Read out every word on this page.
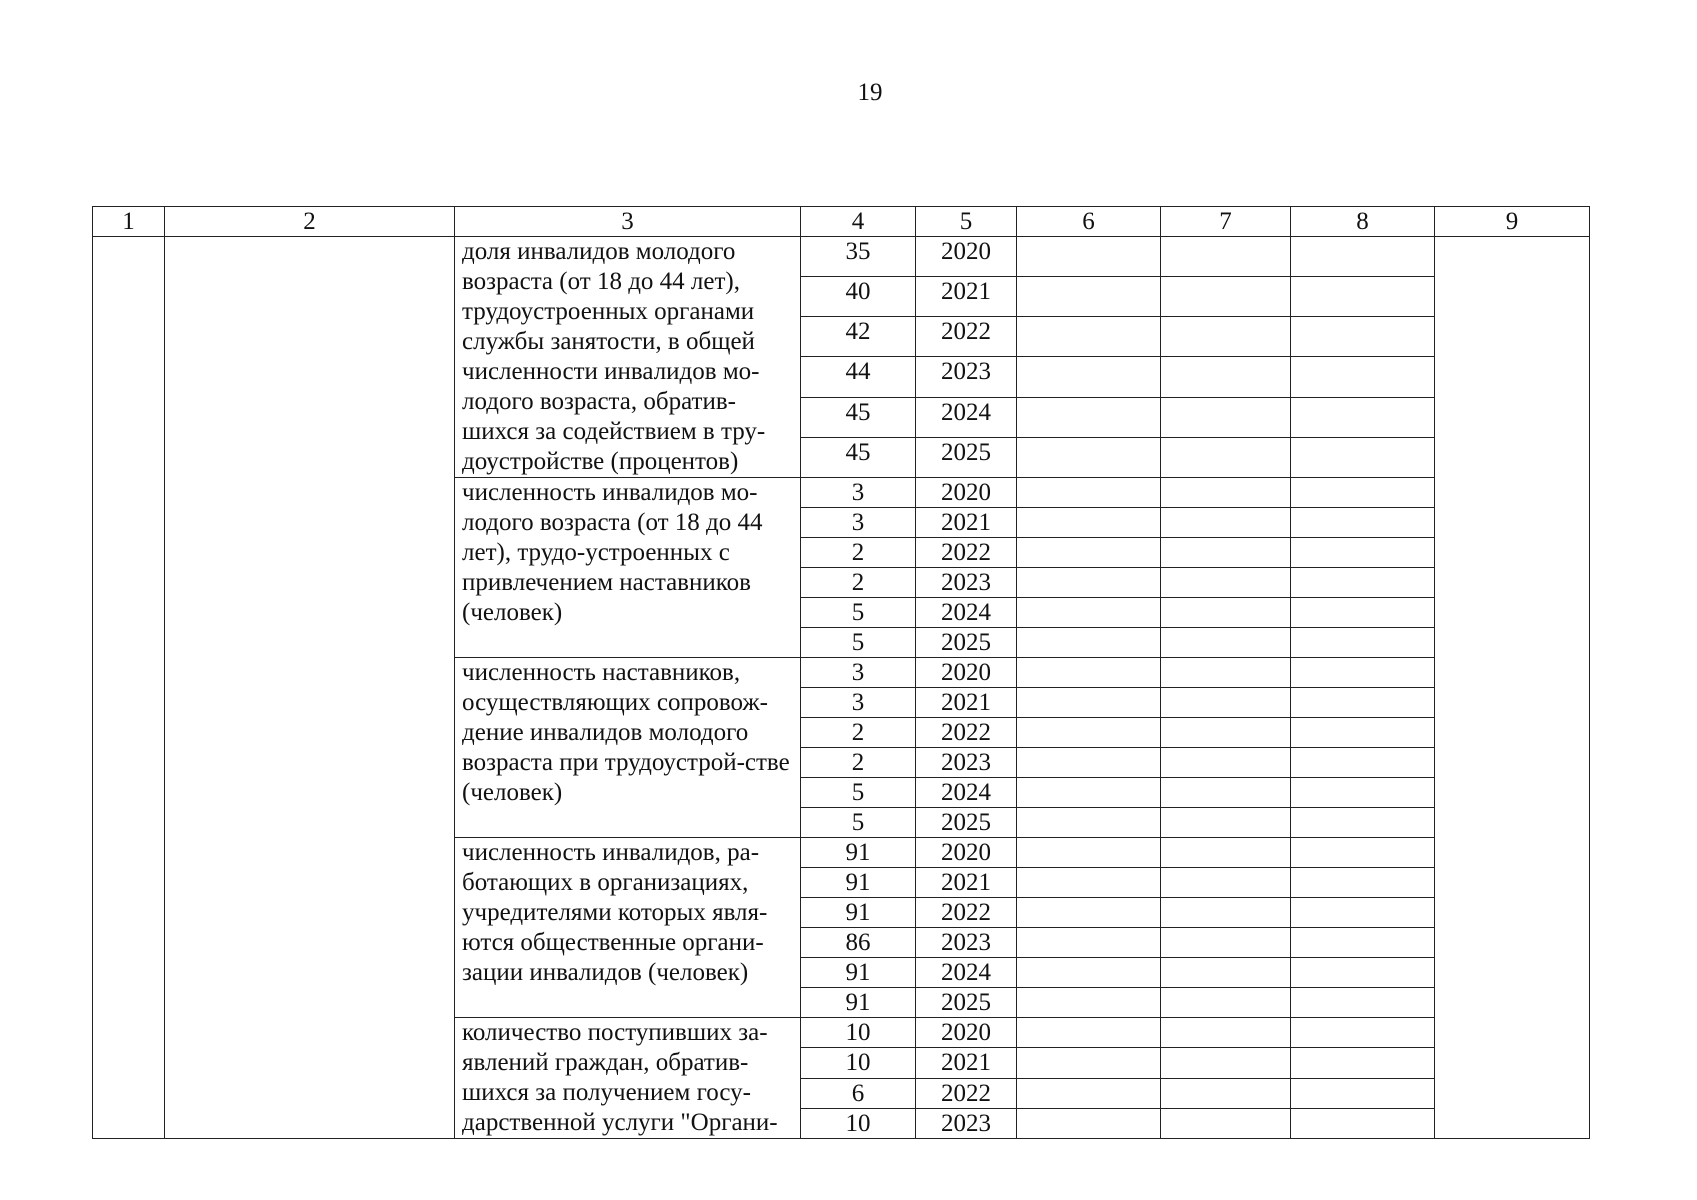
19
1	2	3	4	5	6	7	8	9
		доля инвалидов молодого возраста (от 18 до 44 лет), трудоустроенных органами службы занятости, в общей численности инвалидов мо-лодого возраста, обратив-шихся за содействием в тру-доустройстве (процентов)	35	2020				
			40	2021				
			42	2022				
			44	2023				
			45	2024				
			45	2025				
		численность инвалидов мо-лодого возраста (от 18 до 44 лет), трудо-устроенных с привлечением наставников (человек)	3	2020				
			3	2021				
			2	2022				
			2	2023				
			5	2024				
			5	2025				
		численность наставников, осуществляющих сопровож-дение инвалидов молодого возраста при трудоустрой-стве (человек)	3	2020				
			3	2021				
			2	2022				
			2	2023				
			5	2024				
			5	2025				
		численность инвалидов, ра-ботающих в организациях, учредителями которых явля-ются общественные органи-зации инвалидов (человек)	91	2020				
			91	2021				
			91	2022				
			86	2023				
			91	2024				
			91	2025				
		количество поступивших за-явлений граждан, обратив-шихся за получением госу-дарственной услуги "Органи-	10	2020				
			10	2021				
			6	2022				
			10	2023				
